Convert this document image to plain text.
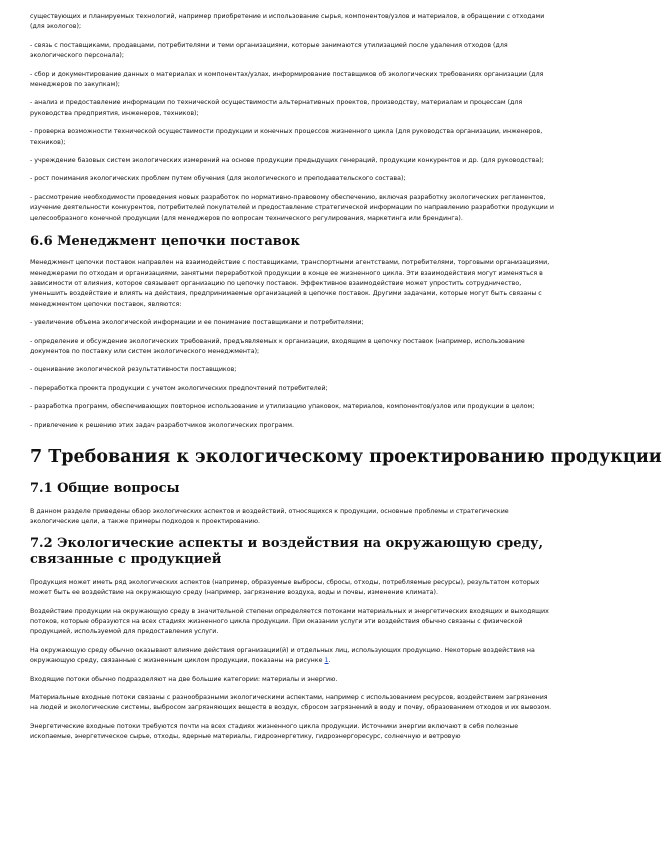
существующих и планируемых технологий, например приобретение и использование сырья, компонентов/узлов и материалов, в обращении с отходами (для экологов);

- связь с поставщиками, продавцами, потребителями и теми организациями, которые занимаются утилизацией после удаления отходов (для экологического персонала);

- сбор и документирование данных о материалах и компонентах/узлах, информирование поставщиков об экологических требованиях организации (для менеджеров по закупкам);

- анализ и предоставление информации по технической осуществимости альтернативных проектов, производству, материалам и процессам (для руководства предприятия, инженеров, техников);

- проверка возможности технической осуществимости продукции и конечных процессов жизненного цикла (для руководства организации, инженеров, техников);

- учреждение базовых систем экологических измерений на основе продукции предыдущих генераций, продукции конкурентов и др. (для руководства);

- рост понимания экологических проблем путем обучения (для экологического и преподавательского состава);

- рассмотрение необходимости проведения новых разработок по нормативно-правовому обеспечению, включая разработку экологических регламентов, изучение деятельности конкурентов, потребителей покупателей и предоставление стратегической информации по направлению разработки продукции и целесообразного конечной продукции (для менеджеров по вопросам технического регулирования, маркетинга или брендинга).

6.6 Менеджмент цепочки поставок

Менеджмент цепочки поставок направлен на взаимодействие с поставщиками, транспортными агентствами, потребителями, торговыми организациями, менеджерами по отходам и организациями, занятыми переработкой продукции в конце ее жизненного цикла. Эти взаимодействия могут изменяться в зависимости от влияния, которое связывает организацию по цепочку поставок. Эффективное взаимодействие может упростить сотрудничество, уменьшить воздействие и влиять на действия, предпринимаемые организацией в цепочке поставок. Другими задачами, которые могут быть связаны с менеджментом цепочки поставок, являются:

- увеличение объема экологической информации и ее понимание поставщиками и потребителями;

- определение и обсуждение экологических требований, предъявляемых к организации, входящим в цепочку поставок (например, использование документов по поставку или систем экологического менеджмента);

- оценивание экологической результативности поставщиков;

- переработка проекта продукции с учетом экологических предпочтений потребителей;

- разработка программ, обеспечивающих повторное использование и утилизацию упаковок, материалов, компонентов/узлов или продукции в целом;

- привлечение к решению этих задач разработчиков экологических программ.

7 Требования к экологическому проектированию продукции
7.1 Общие вопросы

В данном разделе приведены обзор экологических аспектов и воздействий, относящихся к продукции, основные проблемы и стратегические экологические цели, а также примеры подходов к проектированию.

7.2 Экологические аспекты и воздействия на окружающую среду, связанные с продукцией

Продукция может иметь ряд экологических аспектов (например, образуемые выбросы, сбросы, отходы, потребляемые ресурсы), результатом которых может быть ее воздействие на окружающую среду (например, загрязнение воздуха, воды и почвы, изменение климата).

Воздействие продукции на окружающую среду в значительной степени определяется потоками материальных и энергетических входящих и выходящих потоков, которые образуются на всех стадиях жизненного цикла продукции. При оказании услуги эти воздействия обычно связаны с физической продукцией, используемой для предоставления услуги.

На окружающую среду обычно оказывают влияние действия организации(й) и отдельных лиц, использующих продукцию. Некоторые воздействия на окружающую среду, связанные с жизненным циклом продукции, показаны на рисунке 1.

Входящие потоки обычно подразделяют на две большие категории: материалы и энергию.

Материальные входные потоки связаны с разнообразными экологическими аспектами, например с использованием ресурсов, воздействием загрязнения на людей и экологические системы, выбросом загрязняющих веществ в воздух, сбросом загрязнений в воду и почву, образованием отходов и их вывозом.

Энергетические входные потоки требуются почти на всех стадиях жизненного цикла продукции. Источники энергии включают в себя полезные ископаемые, энергетическое сырье, отходы, ядерные материалы, гидроэнергетику, гидроэнергоресурс, солнечную и ветровую
